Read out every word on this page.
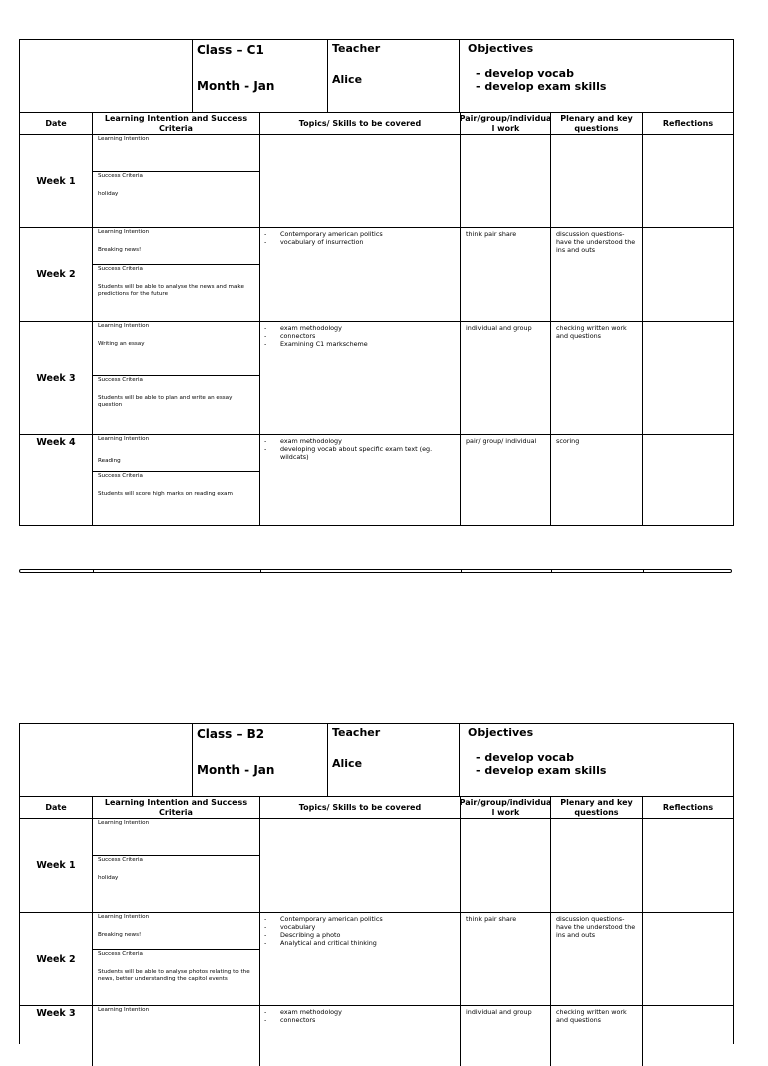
Class – C1
Month - Jan
Teacher
Alice
Objectives
- develop vocab
- develop exam skills
Date
Learning Intention and Success Criteria
Topics/ Skills to be covered
Pair/group/individua l work
Plenary and key questions
Reflections
Week 1
Learning Intention
Success Criteria
holiday
Week 2
Learning Intention
Breaking news!
Success Criteria
Students will be able to analyse the news and make predictions for the future
- Contemporary american politics
- vocabulary of insurrection
think pair share	discussion questions- have the understood the ins and outs
Week 3
Learning Intention
Writing an essay
Success Criteria
Students will be able to plan and write an essay question
- exam methodology
- connectors
- Examining C1 markscheme
individual and group	checking written work and questions
Week 4	Learning Intention
Reading
Success Criteria
Students will score high marks on reading exam
- exam methodology
- developing vocab about specific exam text (eg. wildcats)
pair/ group/ individual	scoring
Class – B2
Month - Jan
Teacher
Alice
Objectives
- develop vocab
- develop exam skills
Date
Learning Intention and Success Criteria
Topics/ Skills to be covered
Pair/group/individua l work
Plenary and key questions
Reflections
Week 1
Learning Intention
Success Criteria
holiday
Week 2
Learning Intention
Breaking news!
Success Criteria
Students will be able to analyse photos relating to the news, better understanding the capitol events
- Contemporary american politics
- vocabulary
- Describing a photo
- Analytical and critical thinking
think pair share	discussion questions- have the understood the ins and outs
Week 3	Learning Intention
-	exam methodology
- connectors
individual and group	checking written work and questions
